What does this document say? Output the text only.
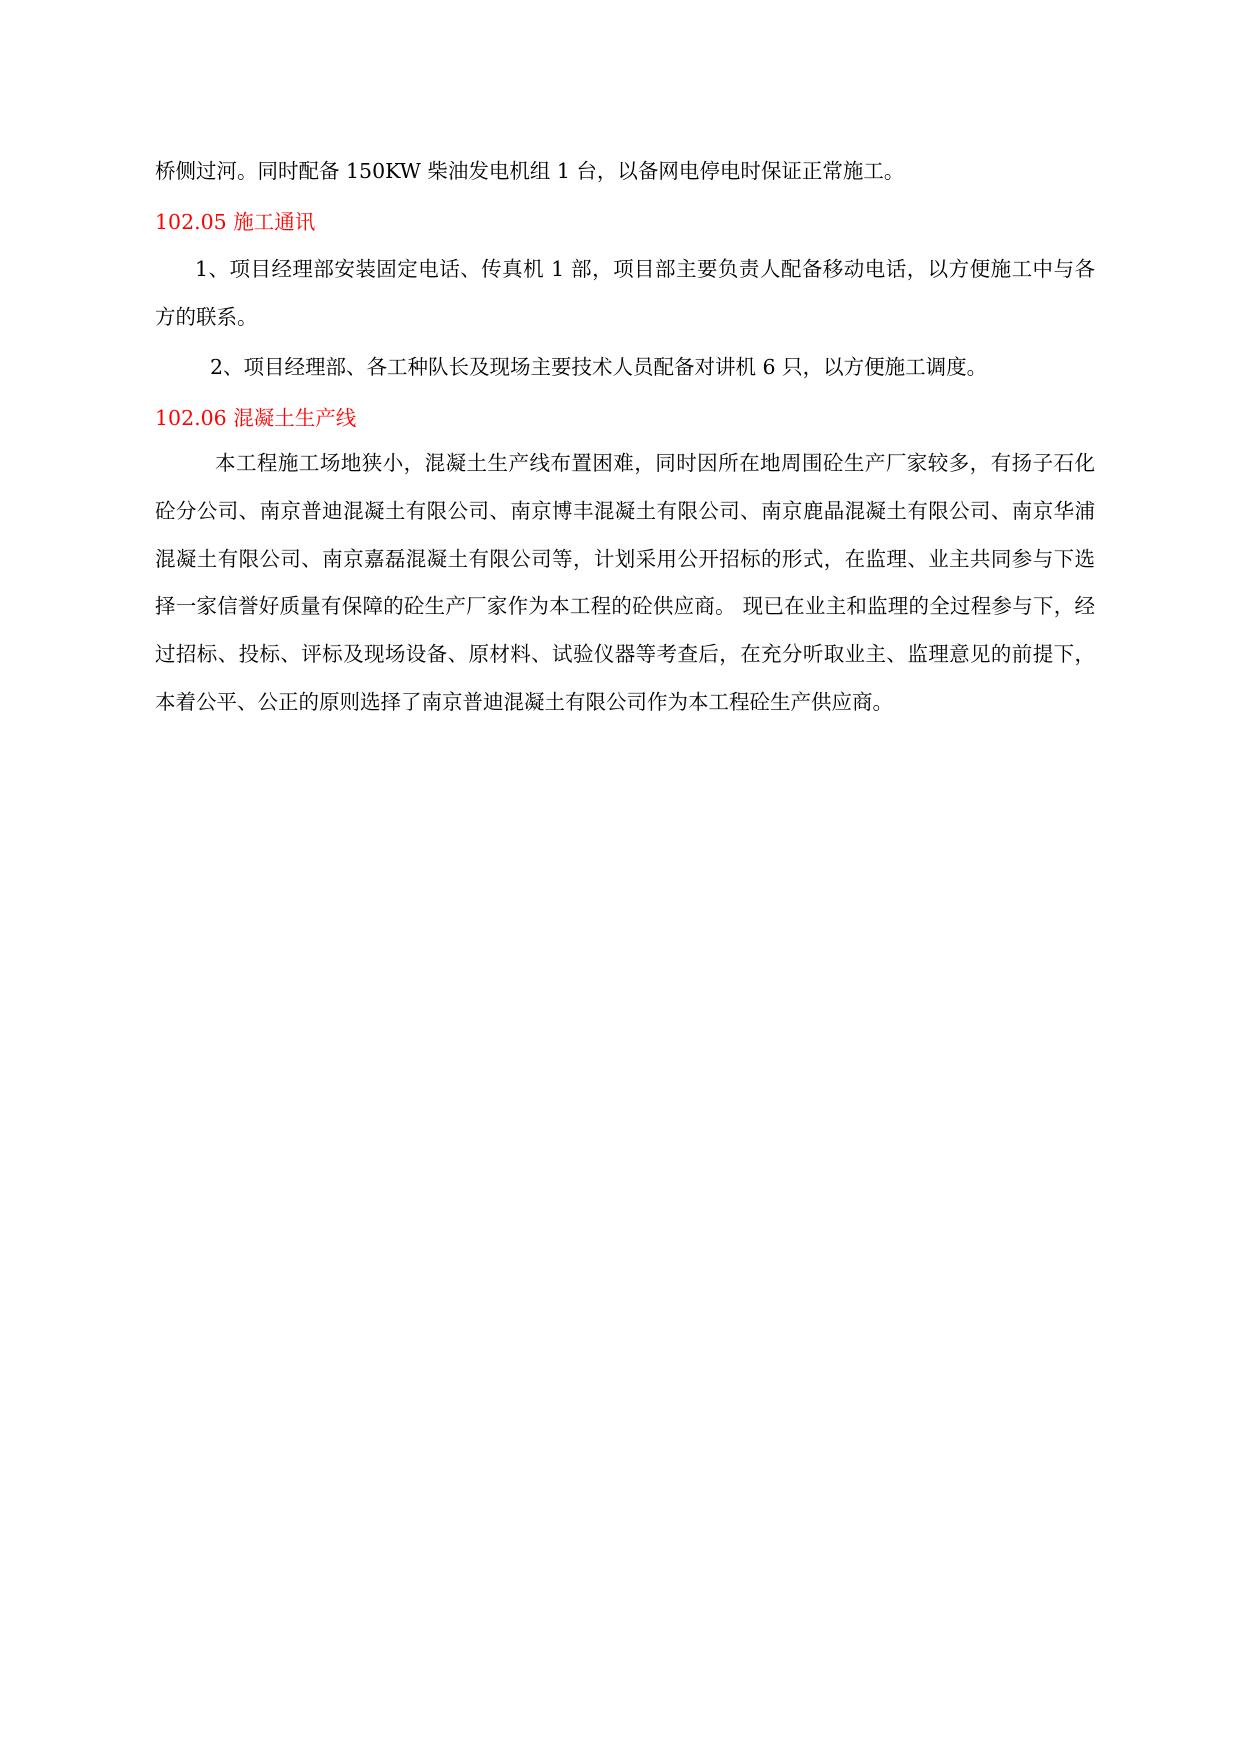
桥侧过河。同时配备 150KW 柴油发电机组 1 台，以备网电停电时保证正常施工。
102.05 施工通讯
1、项目经理部安装固定电话、传真机 1 部，项目部主要负责人配备移动电话，以方便施工中与各方的联系。
2、项目经理部、各工种队长及现场主要技术人员配备对讲机 6 只，以方便施工调度。
102.06 混凝土生产线
本工程施工场地狭小，混凝土生产线布置困难，同时因所在地周围砼生产厂家较多，有扬子石化砼分公司、南京普迪混凝土有限公司、南京博丰混凝土有限公司、南京鹿晶混凝土有限公司、南京华浦混凝土有限公司、南京嘉磊混凝土有限公司等，计划采用公开招标的形式，在监理、业主共同参与下选择一家信誉好质量有保障的砼生产厂家作为本工程的砼供应商。 现已在业主和监理的全过程参与下，经过招标、投标、评标及现场设备、原材料、试验仪器等考查后，在充分听取业主、监理意见的前提下，本着公平、公正的原则选择了南京普迪混凝土有限公司作为本工程砼生产供应商。
